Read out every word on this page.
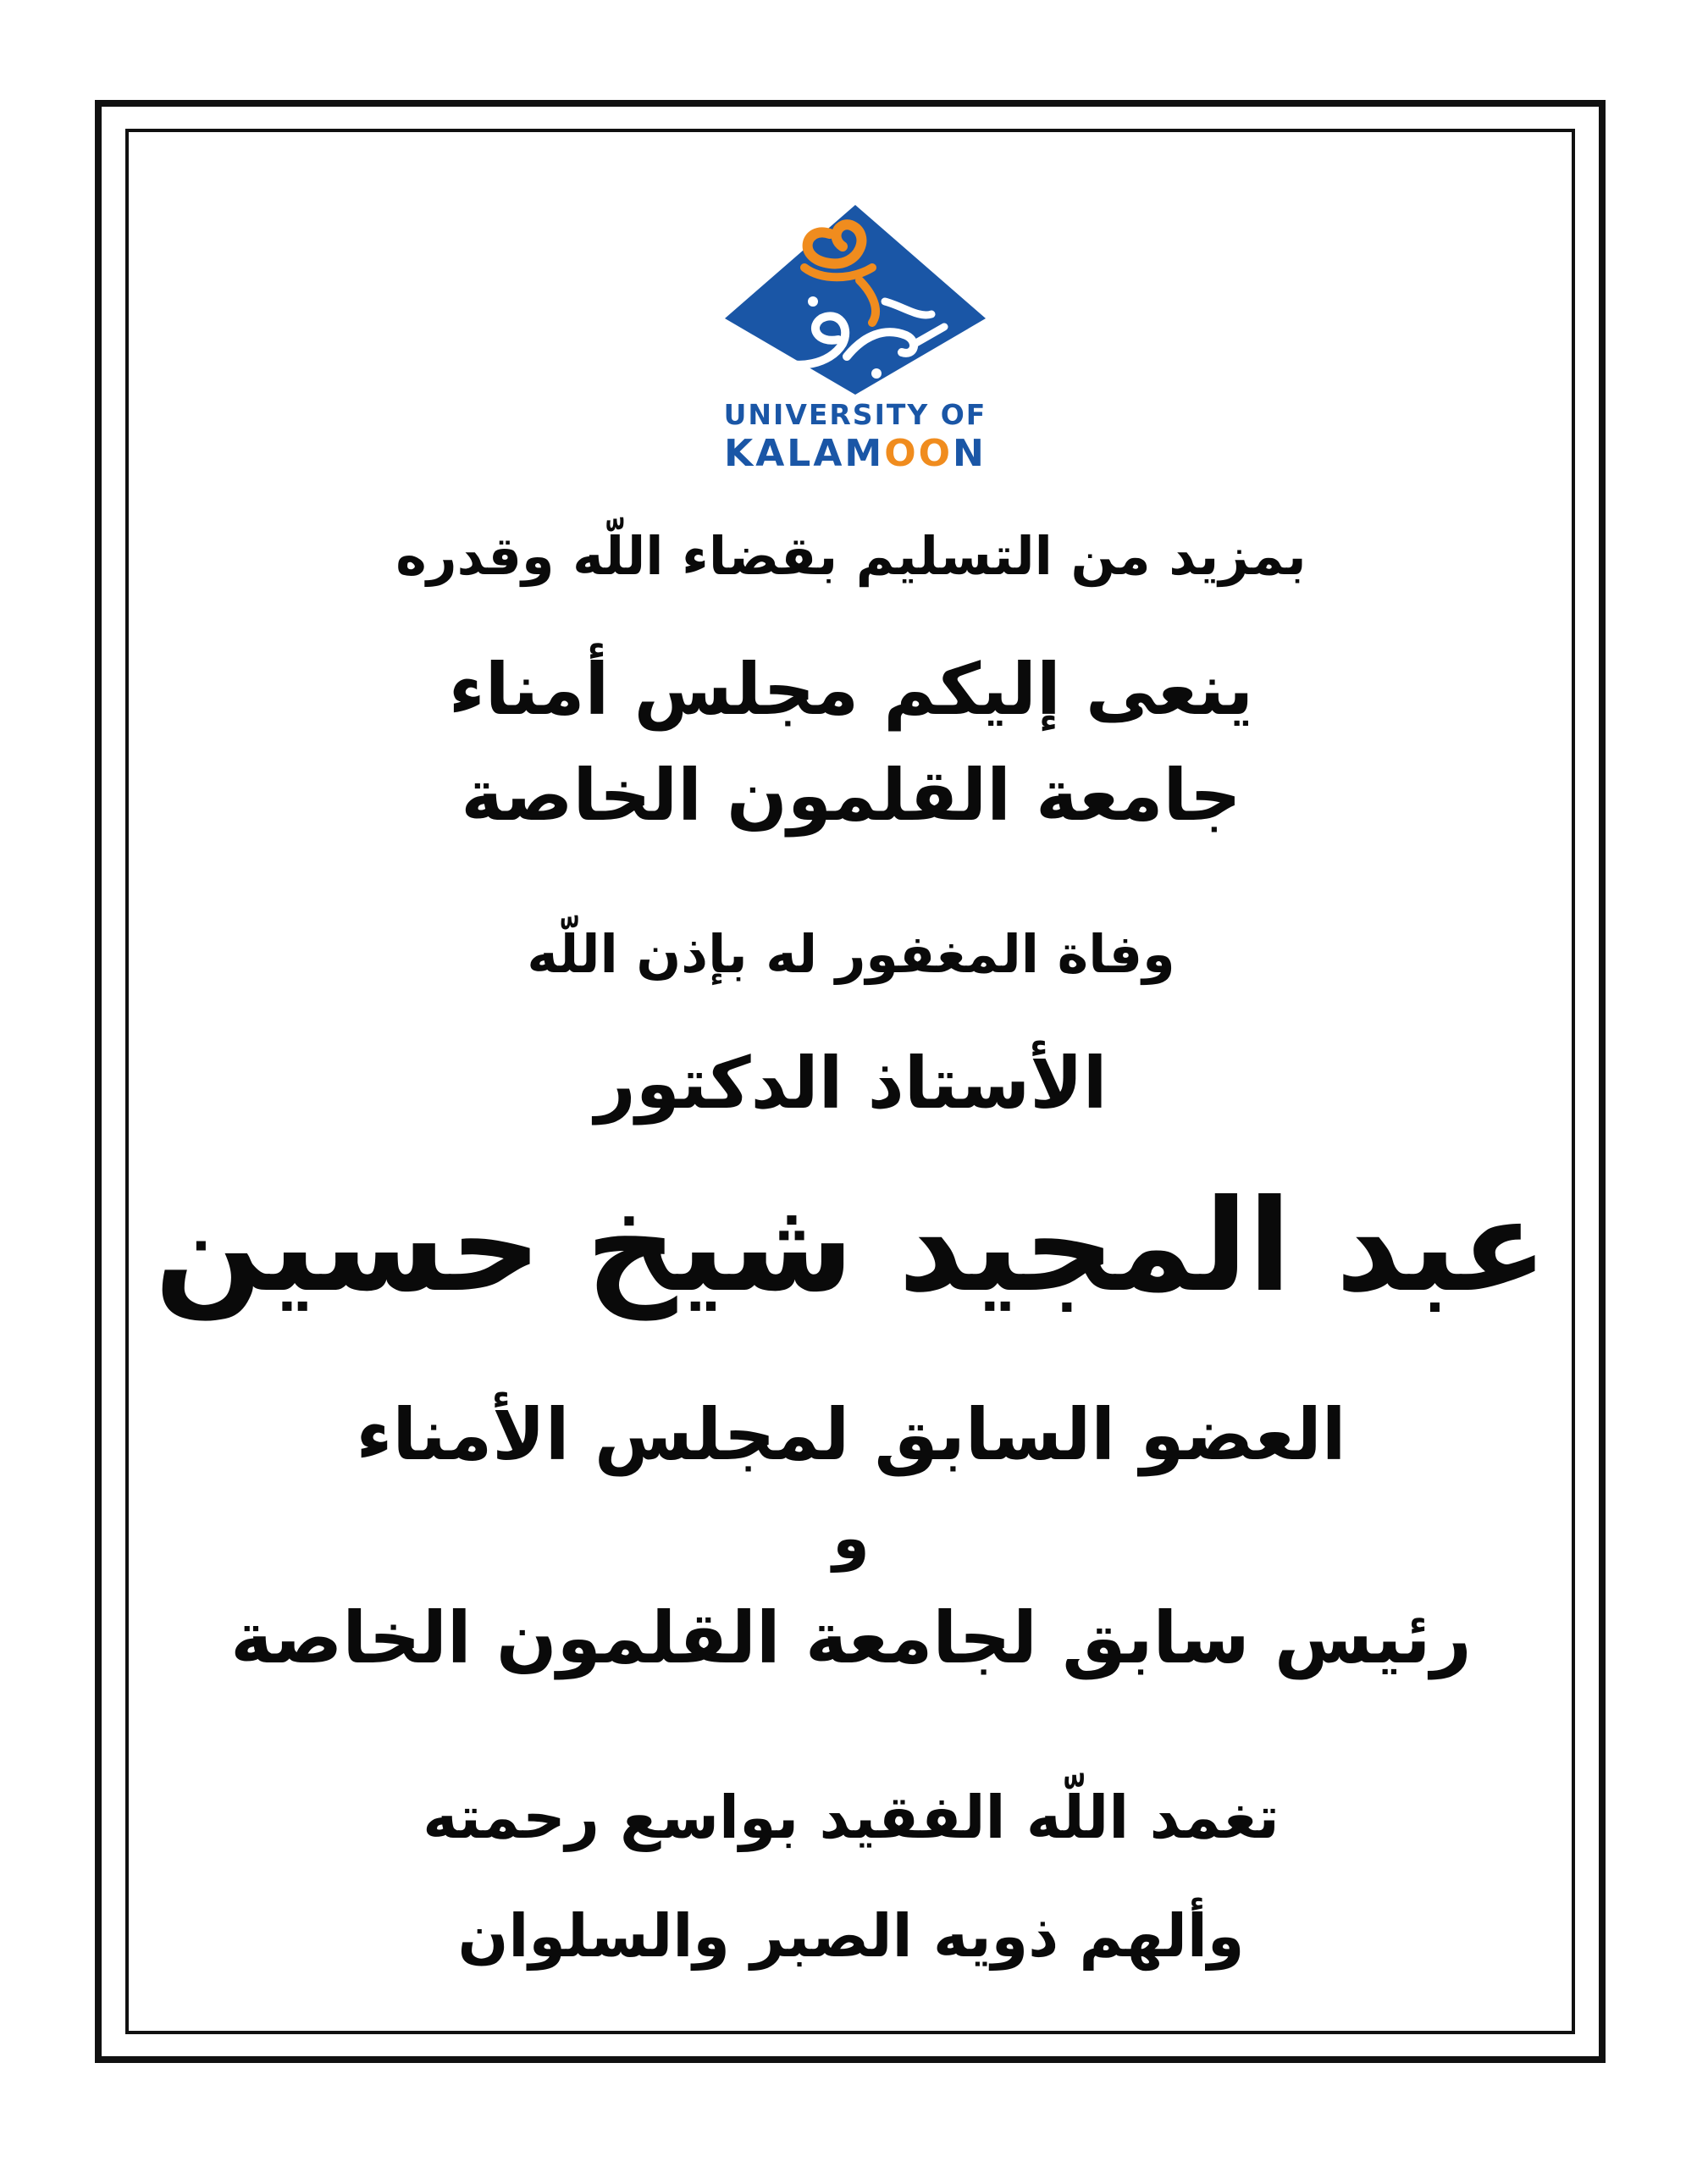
UNIVERSITY OF
KALAMOON
بمزيد من التسليم بقضاء اللّه وقدره
ينعى إليكم مجلس أمناء
جامعة القلمون الخاصة
وفاة المغفور له بإذن اللّه
الأستاذ الدكتور
عبد المجيد شيخ حسين
العضو السابق لمجلس الأمناء
و
رئيس سابق لجامعة القلمون الخاصة
تغمد اللّه الفقيد بواسع رحمته
وألهم ذويه الصبر والسلوان
